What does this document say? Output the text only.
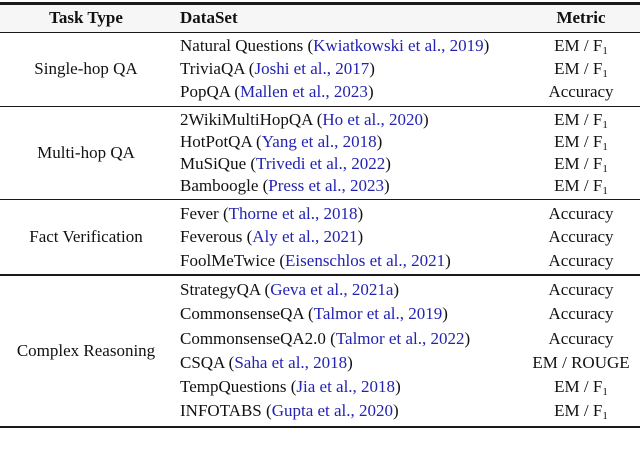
Task Type	DataSet	Metric
Single-hop QA
Natural Questions (Kwiatkowski et al., 2019)	EM / F1
TriviaQA (Joshi et al., 2017)	EM / F1
PopQA (Mallen et al., 2023)	Accuracy
Multi-hop QA
2WikiMultiHopQA (Ho et al., 2020)	EM / F1
HotPotQA (Yang et al., 2018)	EM / F1
MuSiQue (Trivedi et al., 2022)	EM / F1
Bamboogle (Press et al., 2023)	EM / F1
Fact Verification
Fever (Thorne et al., 2018)	Accuracy
Feverous (Aly et al., 2021)	Accuracy
FoolMeTwice (Eisenschlos et al., 2021)	Accuracy
Complex Reasoning
StrategyQA (Geva et al., 2021a)	Accuracy
CommonsenseQA (Talmor et al., 2019)	Accuracy
CommonsenseQA2.0 (Talmor et al., 2022)	Accuracy
CSQA (Saha et al., 2018)	EM / ROUGE
TempQuestions (Jia et al., 2018)	EM / F1
INFOTABS (Gupta et al., 2020)	EM / F1
